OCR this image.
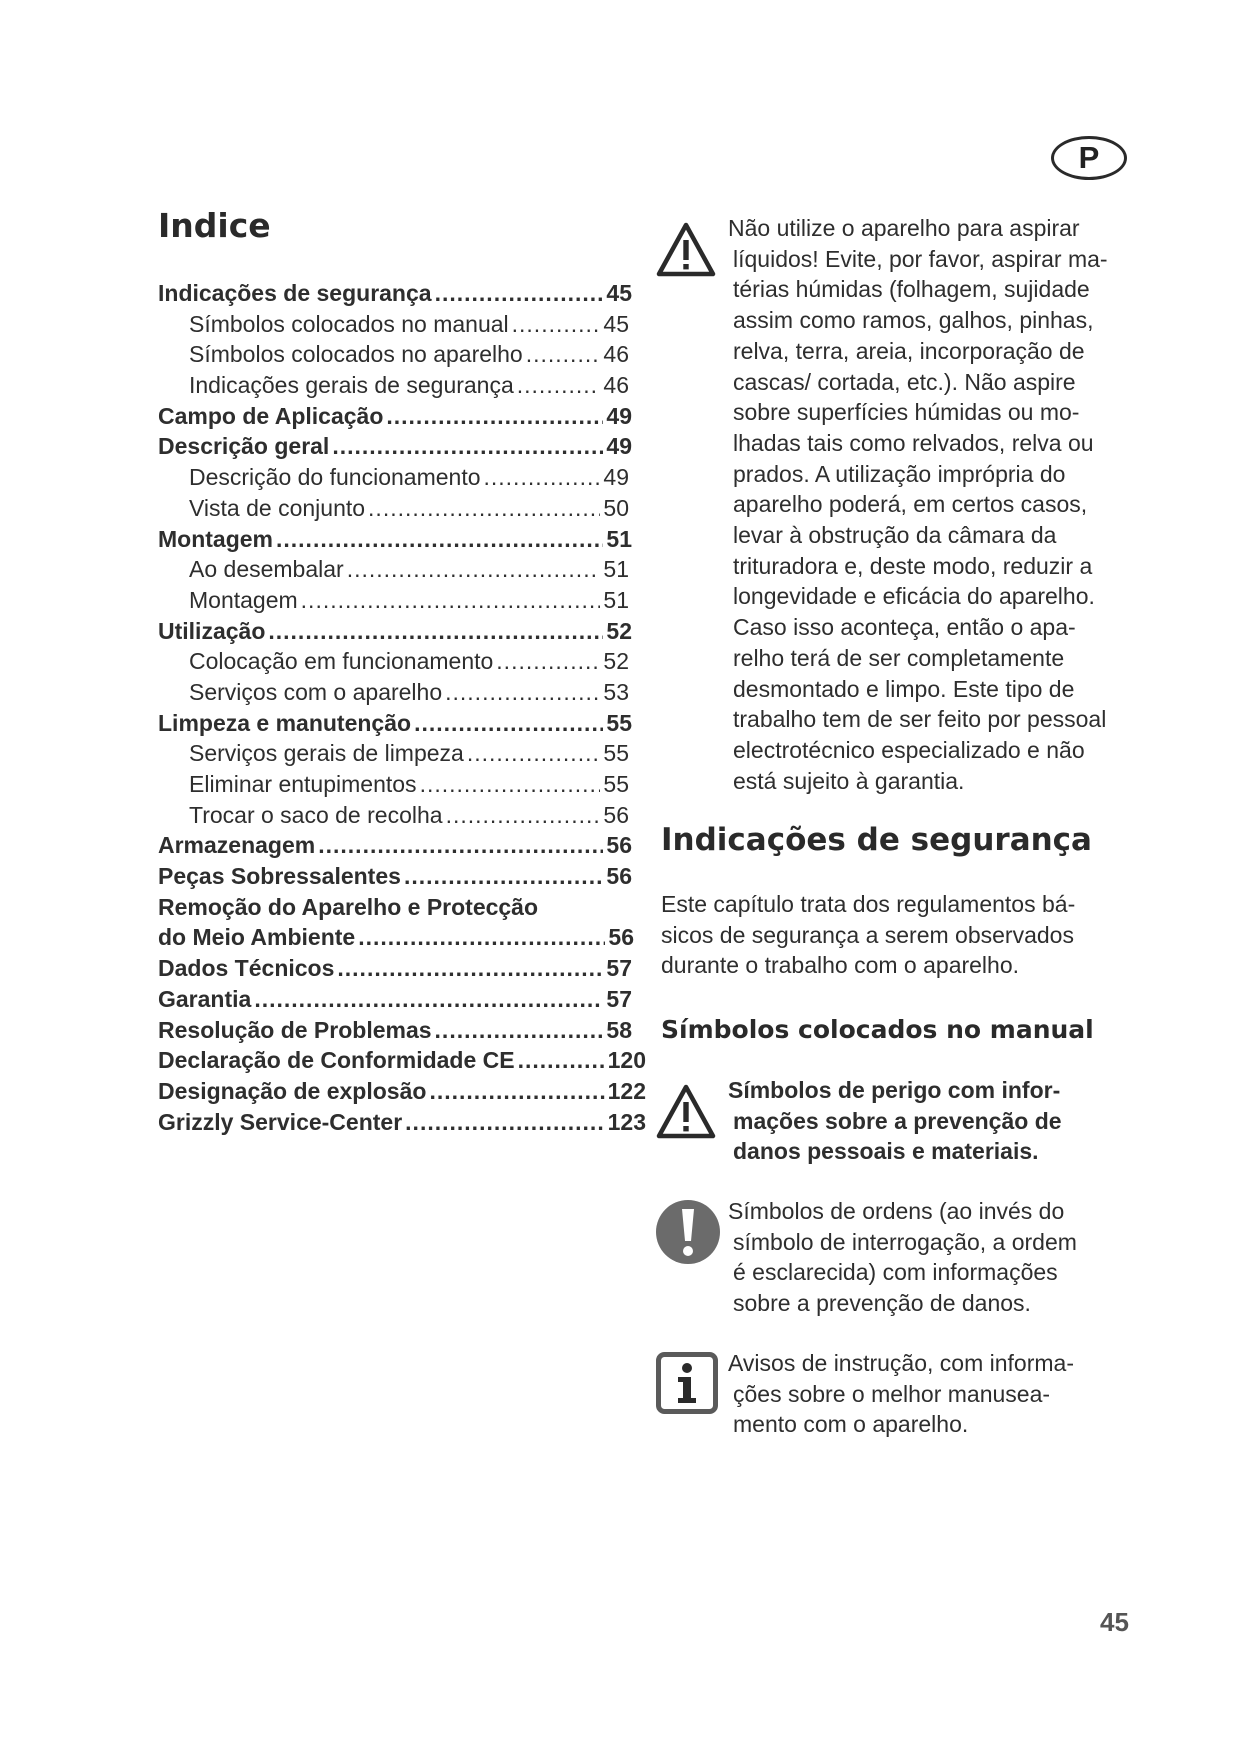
P
Indice
Indicações de segurança .....	45
Símbolos colocados no manual .....	45
Símbolos colocados no aparelho .....	46
Indicações gerais de segurança .....	46
Campo de Aplicação .....	49
Descrição geral .....	49
Descrição do funcionamento .....	49
Vista de conjunto .....	50
Montagem .....	51
Ao desembalar .....	51
Montagem .....	51
Utilização .....	52
Colocação em funcionamento .....	52
Serviços com o aparelho .....	53
Limpeza e manutenção .....	55
Serviços gerais de limpeza .....	55
Eliminar entupimentos .....	55
Trocar o saco de recolha .....	56
Armazenagem .....	56
Peças Sobressalentes .....	56
Remoção do Aparelho e Protecção
do Meio Ambiente .....	56
Dados Técnicos .....	57
Garantia .....	57
Resolução de Problemas .....	58
Declaração de Conformidade CE .....	120
Designação de explosão .....	122
Grizzly Service-Center .....	123
Não utilize o aparelho para aspirar
líquidos! Evite, por favor, aspirar ma-
térias húmidas (folhagem, sujidade
assim como ramos, galhos, pinhas,
relva, terra, areia, incorporação de
cascas/ cortada, etc.). Não aspire
sobre superfícies húmidas ou mo-
lhadas tais como relvados, relva ou
prados. A utilização imprópria do
aparelho poderá, em certos casos,
levar à obstrução da câmara da
trituradora e, deste modo, reduzir a
longevidade e eficácia do aparelho.
Caso isso aconteça, então o apa-
relho terá de ser completamente
desmontado e limpo. Este tipo de
trabalho tem de ser feito por pessoal
electrotécnico especializado e não
está sujeito à garantia.
Indicações de segurança
Este capítulo trata dos regulamentos bá-
sicos de segurança a serem observados
durante o trabalho com o aparelho.
Símbolos colocados no manual
Símbolos de perigo com infor-
mações sobre a prevenção de
danos pessoais e materiais.
Símbolos de ordens (ao invés do
símbolo de interrogação, a ordem
é esclarecida) com informações
sobre a prevenção de danos.
Avisos de instrução, com informa-
ções sobre o melhor manusea-
mento com o aparelho.
45
